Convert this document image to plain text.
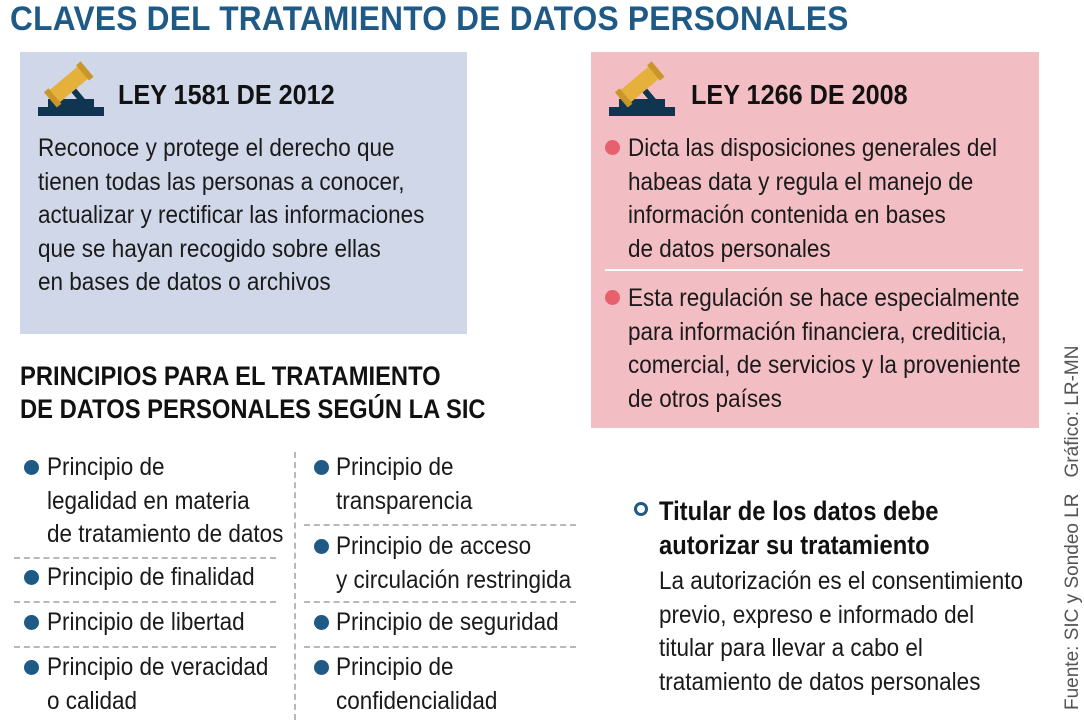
CLAVES DEL TRATAMIENTO DE DATOS PERSONALES
LEY 1581 DE 2012
Reconoce y protege el derecho que
tienen todas las personas a conocer,
actualizar y rectificar las informaciones
que se hayan recogido sobre ellas
en bases de datos o archivos
LEY 1266 DE 2008
Dicta las disposiciones generales del
habeas data y regula el manejo de
información contenida en bases
de datos personales
Esta regulación se hace especialmente
para información financiera, crediticia,
comercial, de servicios y la proveniente
de otros países
PRINCIPIOS PARA EL TRATAMIENTO
DE DATOS PERSONALES SEGÚN LA SIC
Principio de
legalidad en materia
de tratamiento de datos
Principio de finalidad
Principio de libertad
Principio de veracidad
o calidad
Principio de
transparencia
Principio de acceso
y circulación restringida
Principio de seguridad
Principio de
confidencialidad
Titular de los datos debe
autorizar su tratamiento
La autorización es el consentimiento
previo, expreso e informado del
titular para llevar a cabo el
tratamiento de datos personales	Fuente: SIC y Sondeo LRGráfico: LR-MN
